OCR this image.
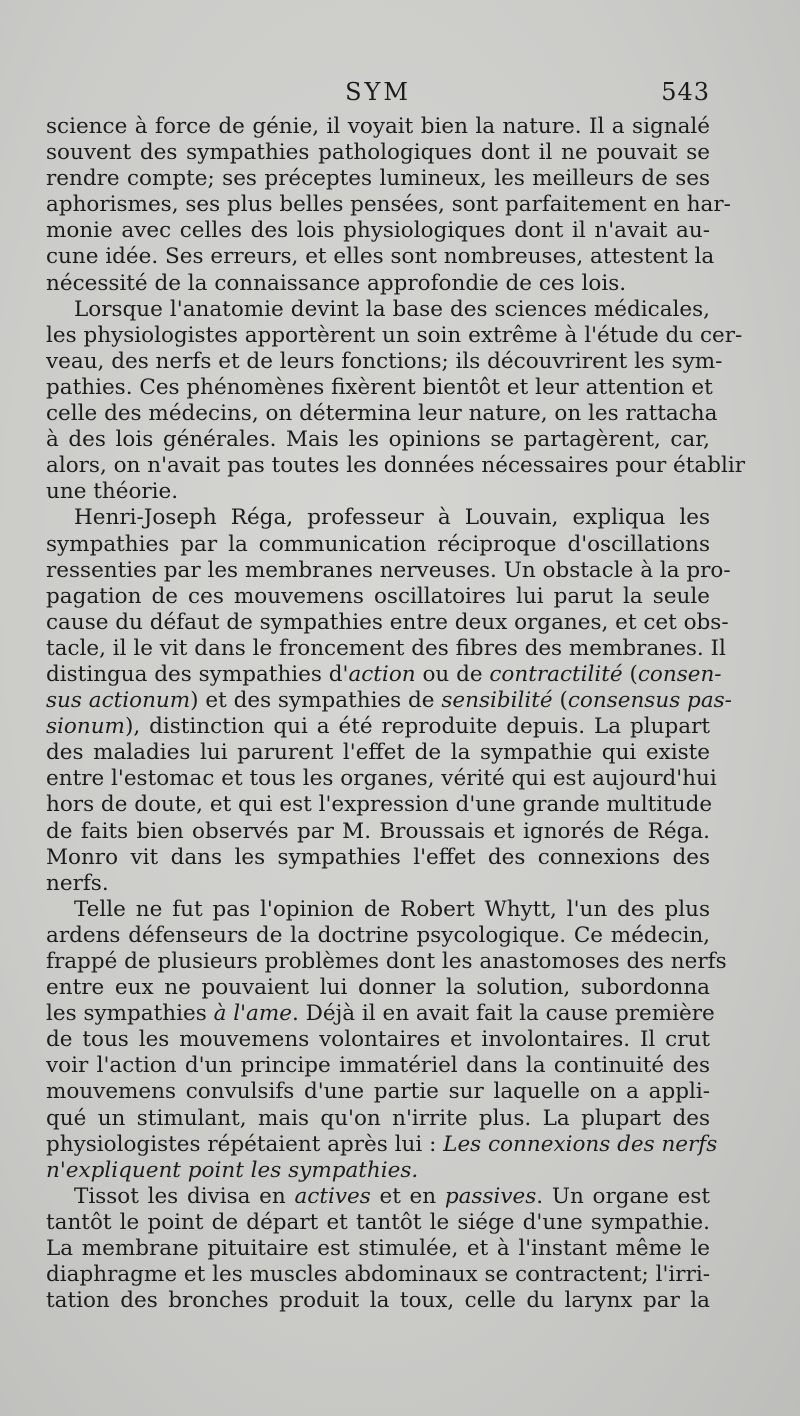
SYM	543
science à force de génie, il voyait bien la nature. Il a signalé
souvent des sympathies pathologiques dont il ne pouvait se
rendre compte; ses préceptes lumineux, les meilleurs de ses
aphorismes, ses plus belles pensées, sont parfaitement en har-
monie avec celles des lois physiologiques dont il n'avait au-
cune idée. Ses erreurs, et elles sont nombreuses, attestent la
nécessité de la connaissance approfondie de ces lois.
Lorsque l'anatomie devint la base des sciences médicales,
les physiologistes apportèrent un soin extrême à l'étude du cer-
veau, des nerfs et de leurs fonctions; ils découvrirent les sym-
pathies. Ces phénomènes fixèrent bientôt et leur attention et
celle des médecins, on détermina leur nature, on les rattacha
à des lois générales. Mais les opinions se partagèrent, car,
alors, on n'avait pas toutes les données nécessaires pour établir
une théorie.
Henri-Joseph Réga, professeur à Louvain, expliqua les
sympathies par la communication réciproque d'oscillations
ressenties par les membranes nerveuses. Un obstacle à la pro-
pagation de ces mouvemens oscillatoires lui parut la seule
cause du défaut de sympathies entre deux organes, et cet obs-
tacle, il le vit dans le froncement des fibres des membranes. Il
distingua des sympathies d'action ou de contractilité (consen-
sus actionum) et des sympathies de sensibilité (consensus pas-
sionum), distinction qui a été reproduite depuis. La plupart
des maladies lui parurent l'effet de la sympathie qui existe
entre l'estomac et tous les organes, vérité qui est aujourd'hui
hors de doute, et qui est l'expression d'une grande multitude
de faits bien observés par M. Broussais et ignorés de Réga.
Monro vit dans les sympathies l'effet des connexions des
nerfs.
Telle ne fut pas l'opinion de Robert Whytt, l'un des plus
ardens défenseurs de la doctrine psycologique. Ce médecin,
frappé de plusieurs problèmes dont les anastomoses des nerfs
entre eux ne pouvaient lui donner la solution, subordonna
les sympathies à l'ame. Déjà il en avait fait la cause première
de tous les mouvemens volontaires et involontaires. Il crut
voir l'action d'un principe immatériel dans la continuité des
mouvemens convulsifs d'une partie sur laquelle on a appli-
qué un stimulant, mais qu'on n'irrite plus. La plupart des
physiologistes répétaient après lui : Les connexions des nerfs
n'expliquent point les sympathies.
Tissot les divisa en actives et en passives. Un organe est
tantôt le point de départ et tantôt le siége d'une sympathie.
La membrane pituitaire est stimulée, et à l'instant même le
diaphragme et les muscles abdominaux se contractent; l'irri-
tation des bronches produit la toux, celle du larynx par la
